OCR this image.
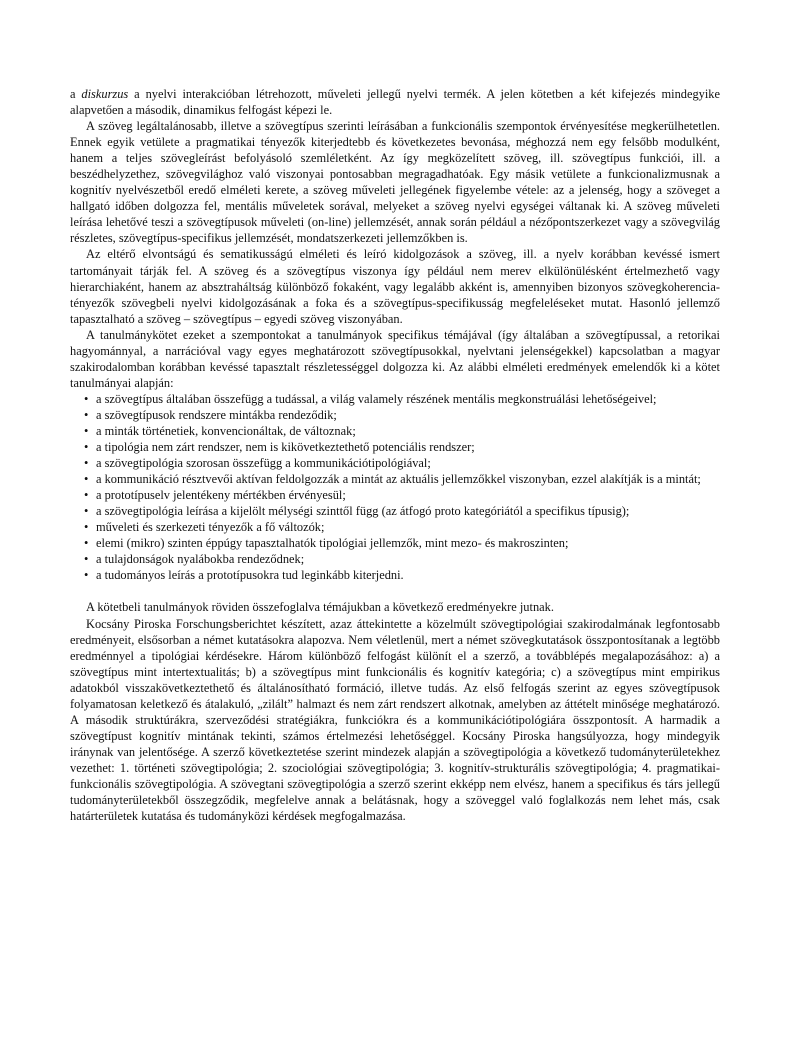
a diskurzus a nyelvi interakcióban létrehozott, műveleti jellegű nyelvi termék. A jelen kötetben a két kifejezés mindegyike alapvetően a második, dinamikus felfogást képezi le.

A szöveg legáltalánosabb, illetve a szövegtípus szerinti leírásában a funkcionális szempontok érvényesítése megkerülhetetlen. Ennek egyik vetülete a pragmatikai tényezők kiterjedtebb és következetes bevonása, méghozzá nem egy felsőbb modulként, hanem a teljes szövegleírást befolyásoló szemléletként. Az így megközelített szöveg, ill. szövegtípus funkciói, ill. a beszédhelyzethez, szövegvilághoz való viszonyai pontosabban megragadhatóak. Egy másik vetülete a funkcionalizmusnak a kognitív nyelvészetből eredő elméleti kerete, a szöveg műveleti jellegének figyelembe vétele: az a jelenség, hogy a szöveget a hallgató időben dolgozza fel, mentális műveletek sorával, melyeket a szöveg nyelvi egységei váltanak ki. A szöveg műveleti leírása lehetővé teszi a szövegtípusok műveleti (on-line) jellemzését, annak során például a nézőpontszerkezet vagy a szövegvilág részletes, szövegtípus-specifikus jellemzését, mondatszerkezeti jellemzőkben is.

Az eltérő elvontságú és sematikusságú elméleti és leíró kidolgozások a szöveg, ill. a nyelv korábban kevéssé ismert tartományait tárják fel. A szöveg és a szövegtípus viszonya így például nem merev elkülönülésként értelmezhető vagy hierarchiaként, hanem az absztraháltság különböző fokaként, vagy legalább akként is, amennyiben bizonyos szövegkoherencia-tényezők szövegbeli nyelvi kidolgozásának a foka és a szövegtípus-specifikusság megfeleléseket mutat. Hasonló jellemző tapasztalható a szöveg – szövegtípus – egyedi szöveg viszonyában.

A tanulmánykötet ezeket a szempontokat a tanulmányok specifikus témájával (így általában a szövegtípussal, a retorikai hagyománnyal, a narrációval vagy egyes meghatározott szövegtípusokkal, nyelvtani jelenségekkel) kapcsolatban a magyar szakirodalomban korábban kevéssé tapasztalt részletességgel dolgozza ki. Az alábbi elméleti eredmények emelendők ki a kötet tanulmányai alapján:

• a szövegtípus általában összefügg a tudással, a világ valamely részének mentális megkonstruálási lehetőségeivel;
• a szövegtípusok rendszere mintákba rendeződik;
• a minták történetiek, konvencionáltak, de változnak;
• a tipológia nem zárt rendszer, nem is kikövetkeztethető potenciális rendszer;
• a szövegtipológia szorosan összefügg a kommunikációtipológiával;
• a kommunikáció résztvevői aktívan feldolgozzák a mintát az aktuális jellemzőkkel viszonyban, ezzel alakítják is a mintát;
• a prototípuselv jelentékeny mértékben érvényesül;
• a szövegtipológia leírása a kijelölt mélységi szinttől függ (az átfogó proto kategóriától a specifikus típusig);
• műveleti és szerkezeti tényezők a fő változók;
• elemi (mikro) szinten éppúgy tapasztalhatók tipológiai jellemzők, mint mezo- és makroszinten;
• a tulajdonságok nyalábokba rendeződnek;
• a tudományos leírás a prototípusokra tud leginkább kiterjedni.

A kötetbeli tanulmányok röviden összefoglalva témájukban a következő eredményekre jutnak.

Kocsány Piroska Forschungsberichtet készített, azaz áttekintette a közelmúlt szövegtipológiai szakirodalmának legfontosabb eredményeit, elsősorban a német kutatásokra alapozva. Nem véletlenül, mert a német szövegkutatások összpontosítanak a legtöbb eredménnyel a tipológiai kérdésekre. Három különböző felfogást különít el a szerző, a továbblépés megalapozásához: a) a szövegtípus mint intertextualitás; b) a szövegtípus mint funkcionális és kognitív kategória; c) a szövegtípus mint empirikus adatokból visszakövetkeztethető és általánosítható formáció, illetve tudás. Az első felfogás szerint az egyes szövegtípusok folyamatosan keletkező és átalakuló, „zilált” halmazt és nem zárt rendszert alkotnak, amelyben az áttételt minősége meghatározó. A második struktúrákra, szerveződési stratégiákra, funkciókra és a kommunikációtipológiára összpontosít. A harmadik a szövegtípust kognitív mintának tekinti, számos értelmezési lehetőséggel. Kocsány Piroska hangsúlyozza, hogy mindegyik iránynak van jelentősége. A szerző következtetése szerint mindezek alapján a szövegtipológia a következő tudományterületekhez vezethet: 1. történeti szövegtipológia; 2. szociológiai szövegtipológia; 3. kognitív-strukturális szövegtipológia; 4. pragmatikai-funkcionális szövegtipológia. A szövegtani szövegtipológia a szerző szerint ekképp nem elvész, hanem a specifikus és társ jellegű tudományterületekből összegződik, megfelelve annak a belátásnak, hogy a szöveggel való foglalkozás nem lehet más, csak határterületek kutatása és tudományközi kérdések megfogalmazása.
